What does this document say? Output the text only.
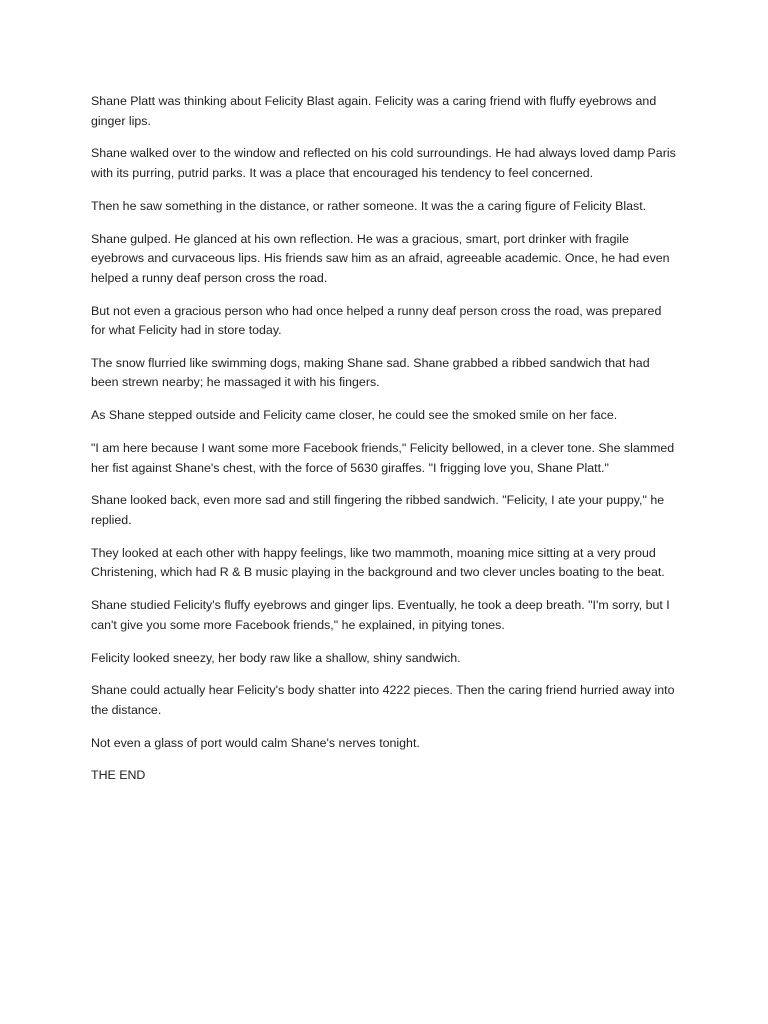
Shane Platt was thinking about Felicity Blast again. Felicity was a caring friend with fluffy eyebrows and ginger lips.

Shane walked over to the window and reflected on his cold surroundings. He had always loved damp Paris with its purring, putrid parks. It was a place that encouraged his tendency to feel concerned.

Then he saw something in the distance, or rather someone. It was the a caring figure of Felicity Blast.

Shane gulped. He glanced at his own reflection. He was a gracious, smart, port drinker with fragile eyebrows and curvaceous lips. His friends saw him as an afraid, agreeable academic. Once, he had even helped a runny deaf person cross the road.

But not even a gracious person who had once helped a runny deaf person cross the road, was prepared for what Felicity had in store today.

The snow flurried like swimming dogs, making Shane sad. Shane grabbed a ribbed sandwich that had been strewn nearby; he massaged it with his fingers.

As Shane stepped outside and Felicity came closer, he could see the smoked smile on her face.

"I am here because I want some more Facebook friends," Felicity bellowed, in a clever tone. She slammed her fist against Shane's chest, with the force of 5630 giraffes. "I frigging love you, Shane Platt."

Shane looked back, even more sad and still fingering the ribbed sandwich. "Felicity, I ate your puppy," he replied.

They looked at each other with happy feelings, like two mammoth, moaning mice sitting at a very proud Christening, which had R & B music playing in the background and two clever uncles boating to the beat.

Shane studied Felicity's fluffy eyebrows and ginger lips. Eventually, he took a deep breath. "I'm sorry, but I can't give you some more Facebook friends," he explained, in pitying tones.

Felicity looked sneezy, her body raw like a shallow, shiny sandwich.

Shane could actually hear Felicity's body shatter into 4222 pieces. Then the caring friend hurried away into the distance.

Not even a glass of port would calm Shane's nerves tonight.

THE END
